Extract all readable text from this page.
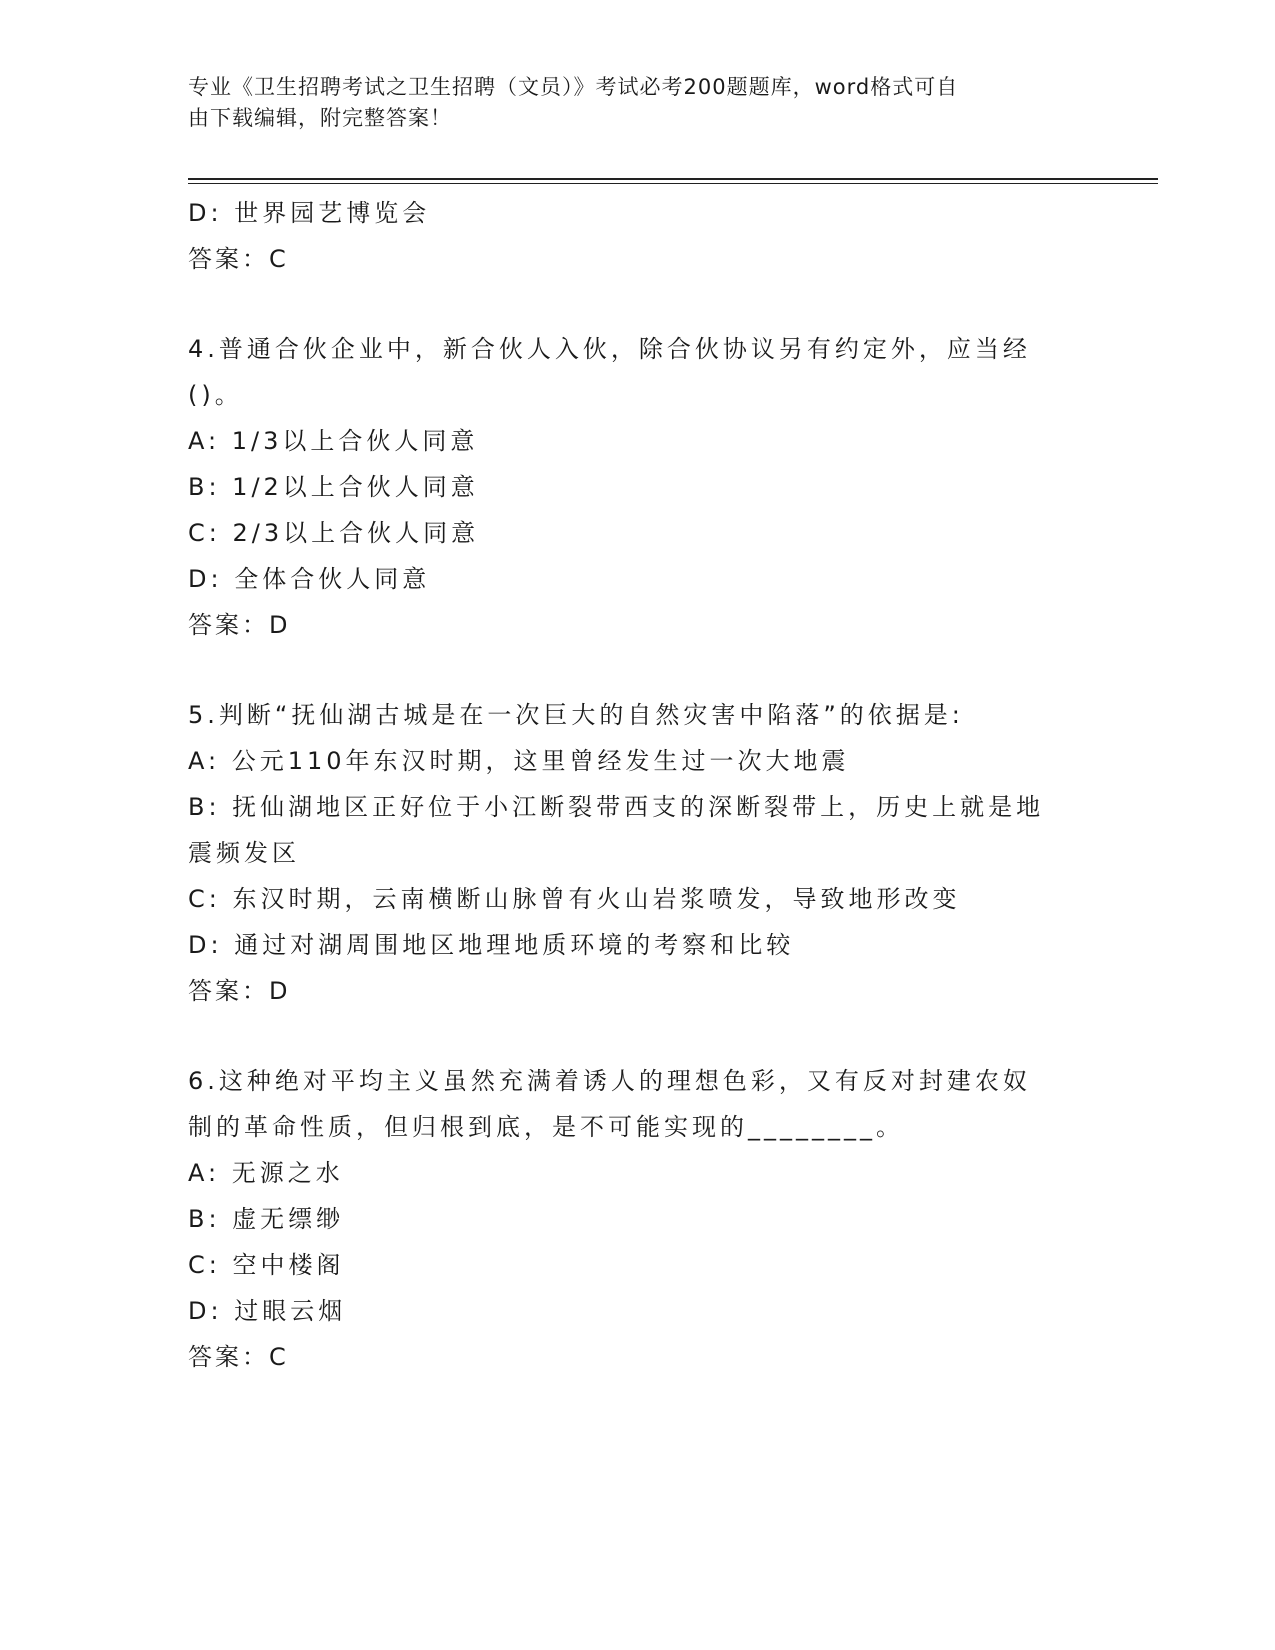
专业《卫生招聘考试之卫生招聘（文员）》考试必考200题题库，word格式可自
由下载编辑，附完整答案！
D: 世界园艺博览会
答案：C
4.普通合伙企业中，新合伙人入伙，除合伙协议另有约定外，应当经
()。
A: 1/3以上合伙人同意
B: 1/2以上合伙人同意
C: 2/3以上合伙人同意
D: 全体合伙人同意
答案：D
5.判断“抚仙湖古城是在一次巨大的自然灾害中陷落”的依据是:
A: 公元110年东汉时期，这里曾经发生过一次大地震
B: 抚仙湖地区正好位于小江断裂带西支的深断裂带上，历史上就是地
震频发区
C: 东汉时期，云南横断山脉曾有火山岩浆喷发，导致地形改变
D: 通过对湖周围地区地理地质环境的考察和比较
答案：D
6.这种绝对平均主义虽然充满着诱人的理想色彩，又有反对封建农奴
制的革命性质，但归根到底，是不可能实现的________。
A: 无源之水
B: 虚无缥缈
C: 空中楼阁
D: 过眼云烟
答案：C
